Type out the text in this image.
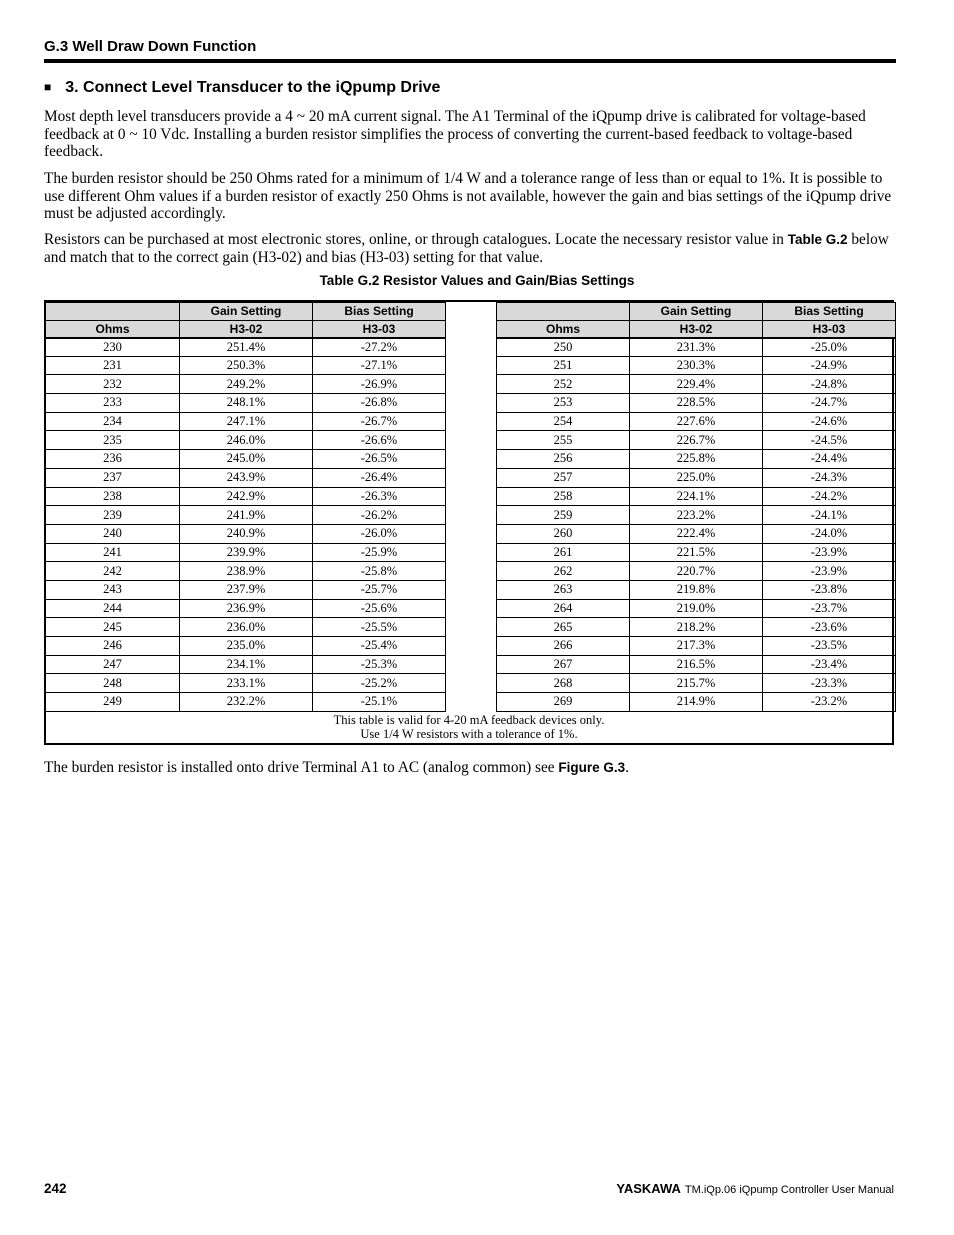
G.3 Well Draw Down Function
■ 3. Connect Level Transducer to the iQpump Drive
Most depth level transducers provide a 4 ~ 20 mA current signal. The A1 Terminal of the iQpump drive is calibrated for voltage-based feedback at 0 ~ 10 Vdc. Installing a burden resistor simplifies the process of converting the current-based feedback to voltage-based feedback.
The burden resistor should be 250 Ohms rated for a minimum of 1/4 W and a tolerance range of less than or equal to 1%. It is possible to use different Ohm values if a burden resistor of exactly 250 Ohms is not available, however the gain and bias settings of the iQpump drive must be adjusted accordingly.
Resistors can be purchased at most electronic stores, online, or through catalogues. Locate the necessary resistor value in Table G.2 below and match that to the correct gain (H3-02) and bias (H3-03) setting for that value.
Table G.2 Resistor Values and Gain/Bias Settings
	Gain Setting	Bias Setting
Ohms	H3-02	H3-03
230	251.4%	-27.2%
231	250.3%	-27.1%
232	249.2%	-26.9%
233	248.1%	-26.8%
234	247.1%	-26.7%
235	246.0%	-26.6%
236	245.0%	-26.5%
237	243.9%	-26.4%
238	242.9%	-26.3%
239	241.9%	-26.2%
240	240.9%	-26.0%
241	239.9%	-25.9%
242	238.9%	-25.8%
243	237.9%	-25.7%
244	236.9%	-25.6%
245	236.0%	-25.5%
246	235.0%	-25.4%
247	234.1%	-25.3%
248	233.1%	-25.2%
249	232.2%	-25.1%
	Gain Setting	Bias Setting
Ohms	H3-02	H3-03
250	231.3%	-25.0%
251	230.3%	-24.9%
252	229.4%	-24.8%
253	228.5%	-24.7%
254	227.6%	-24.6%
255	226.7%	-24.5%
256	225.8%	-24.4%
257	225.0%	-24.3%
258	224.1%	-24.2%
259	223.2%	-24.1%
260	222.4%	-24.0%
261	221.5%	-23.9%
262	220.7%	-23.9%
263	219.8%	-23.8%
264	219.0%	-23.7%
265	218.2%	-23.6%
266	217.3%	-23.5%
267	216.5%	-23.4%
268	215.7%	-23.3%
269	214.9%	-23.2%
This table is valid for 4-20 mA feedback devices only.
Use 1/4 W resistors with a tolerance of 1%.
The burden resistor is installed onto drive Terminal A1 to AC (analog common) see Figure G.3.
242	YASKAWA TM.iQp.06 iQpump Controller User Manual
